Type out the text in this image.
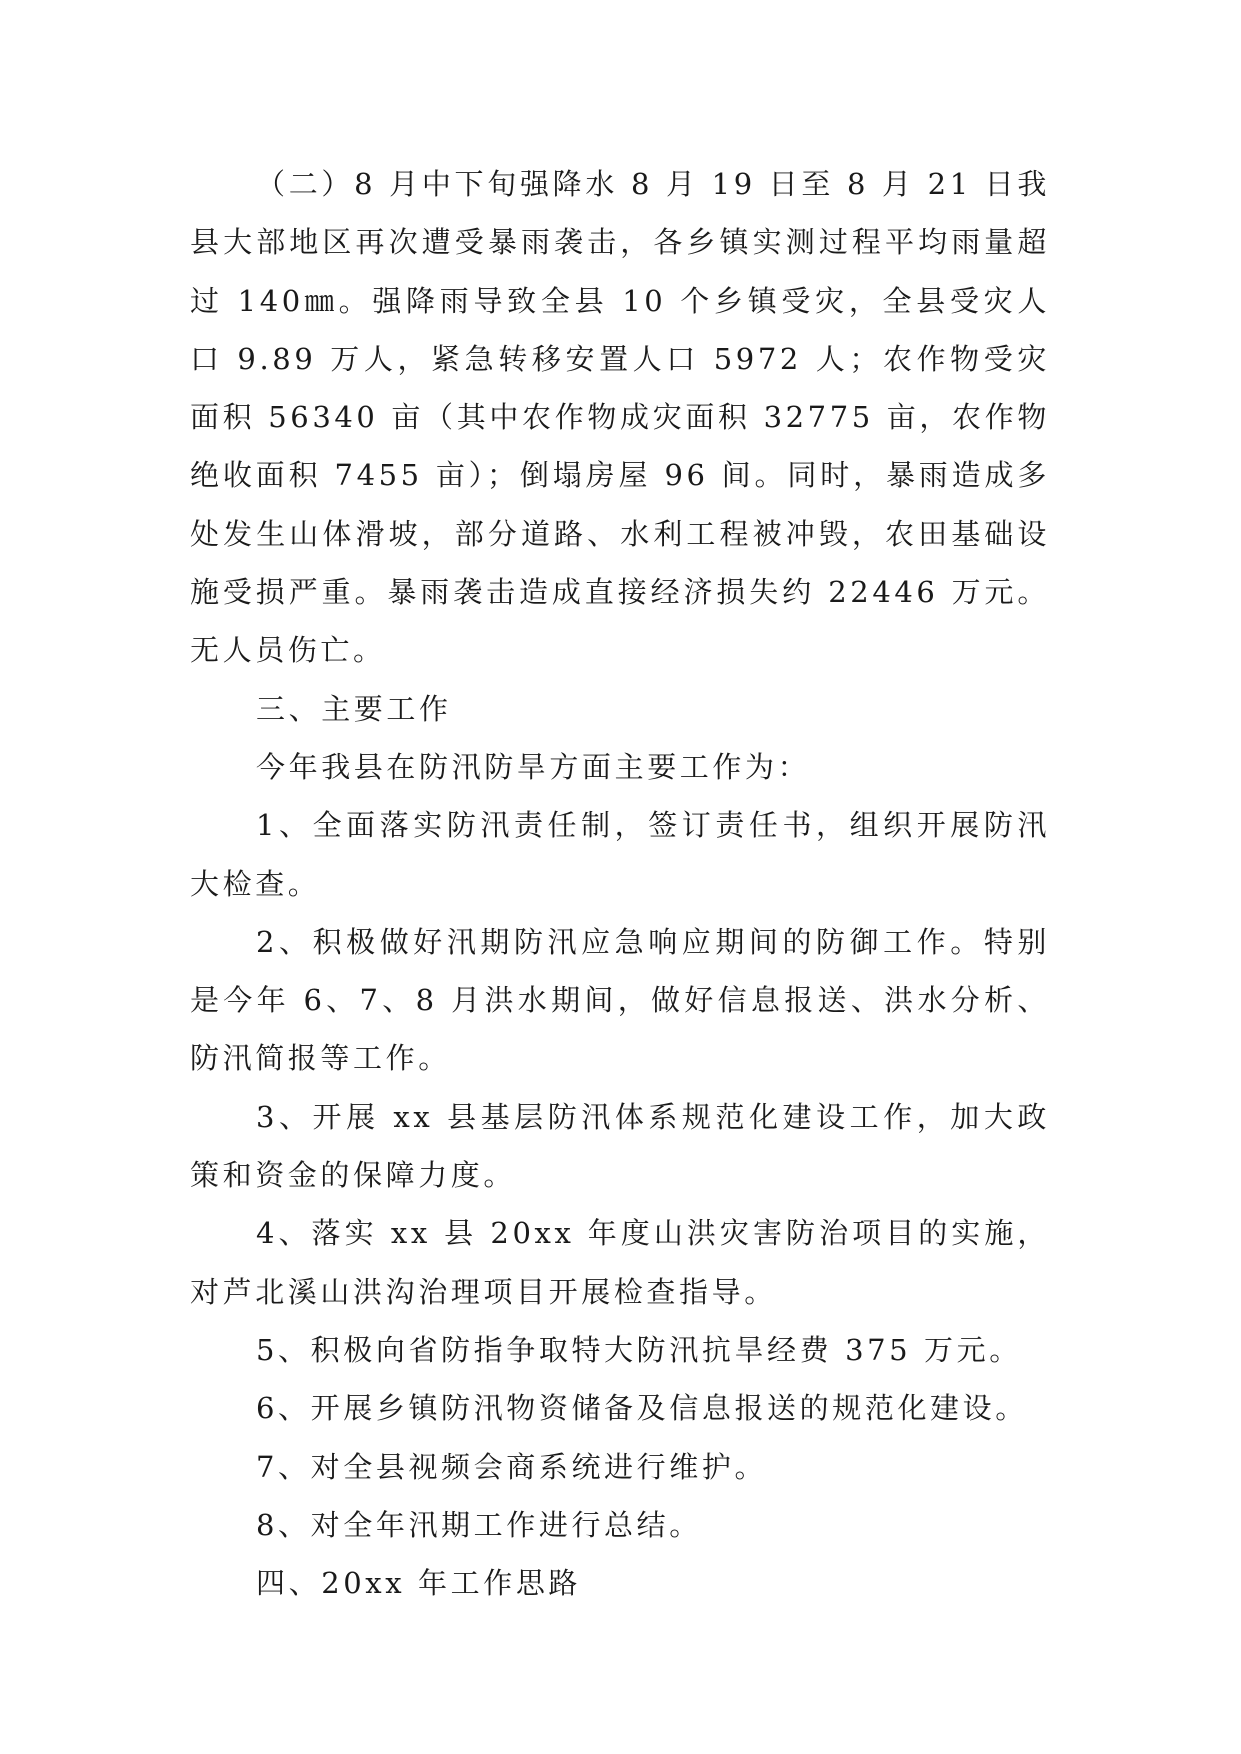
（二）8 月中下旬强降水 8 月 19 日至 8 月 21 日我县大部地区再次遭受暴雨袭击，各乡镇实测过程平均雨量超过 140㎜。强降雨导致全县 10 个乡镇受灾，全县受灾人口 9.89 万人，紧急转移安置人口 5972 人；农作物受灾面积 56340 亩（其中农作物成灾面积 32775 亩，农作物绝收面积 7455 亩）；倒塌房屋 96 间。同时，暴雨造成多处发生山体滑坡，部分道路、水利工程被冲毁，农田基础设施受损严重。暴雨袭击造成直接经济损失约 22446 万元。无人员伤亡。

三、主要工作

今年我县在防汛防旱方面主要工作为：

1、全面落实防汛责任制，签订责任书，组织开展防汛大检查。

2、积极做好汛期防汛应急响应期间的防御工作。特别是今年 6、7、8 月洪水期间，做好信息报送、洪水分析、防汛简报等工作。

3、开展 xx 县基层防汛体系规范化建设工作，加大政策和资金的保障力度。

4、落实 xx 县 20xx 年度山洪灾害防治项目的实施，对芦北溪山洪沟治理项目开展检查指导。

5、积极向省防指争取特大防汛抗旱经费 375 万元。

6、开展乡镇防汛物资储备及信息报送的规范化建设。

7、对全县视频会商系统进行维护。

8、对全年汛期工作进行总结。

四、20xx 年工作思路
